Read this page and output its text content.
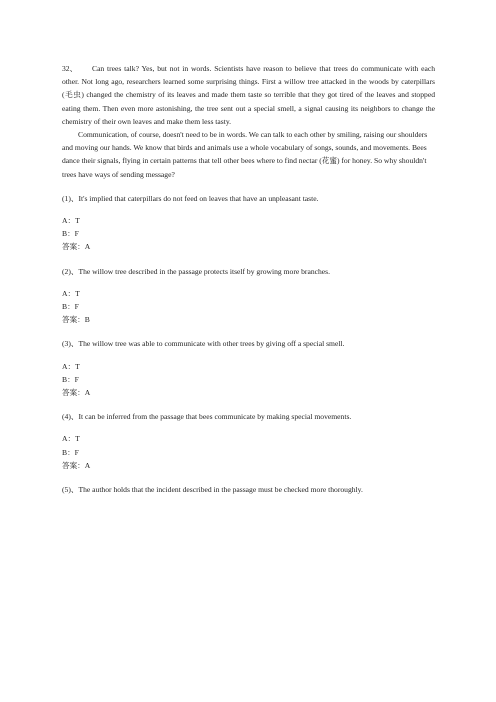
32、 Can trees talk? Yes, but not in words. Scientists have reason to believe that trees do communicate with each other. Not long ago, researchers learned some surprising things. First a willow tree attacked in the woods by caterpillars (毛虫) changed the chemistry of its leaves and made them taste so terrible that they got tired of the leaves and stopped eating them. Then even more astonishing, the tree sent out a special smell, a signal causing its neighbors to change the chemistry of their own leaves and make them less tasty.

Communication, of course, doesn't need to be in words. We can talk to each other by smiling, raising our shoulders and moving our hands. We know that birds and animals use a whole vocabulary of songs, sounds, and movements. Bees dance their signals, flying in certain patterns that tell other bees where to find nectar (花蜜) for honey. So why shouldn't trees have ways of sending message?

(1)、It's implied that caterpillars do not feed on leaves that have an unpleasant taste.

A：T

B：F

答案：A

(2)、The willow tree described in the passage protects itself by growing more branches.

A：T

B：F

答案：B

(3)、The willow tree was able to communicate with other trees by giving off a special smell.

A：T

B：F

答案：A

(4)、It can be inferred from the passage that bees communicate by making special movements.

A：T

B：F

答案：A

(5)、The author holds that the incident described in the passage must be checked more thoroughly.
